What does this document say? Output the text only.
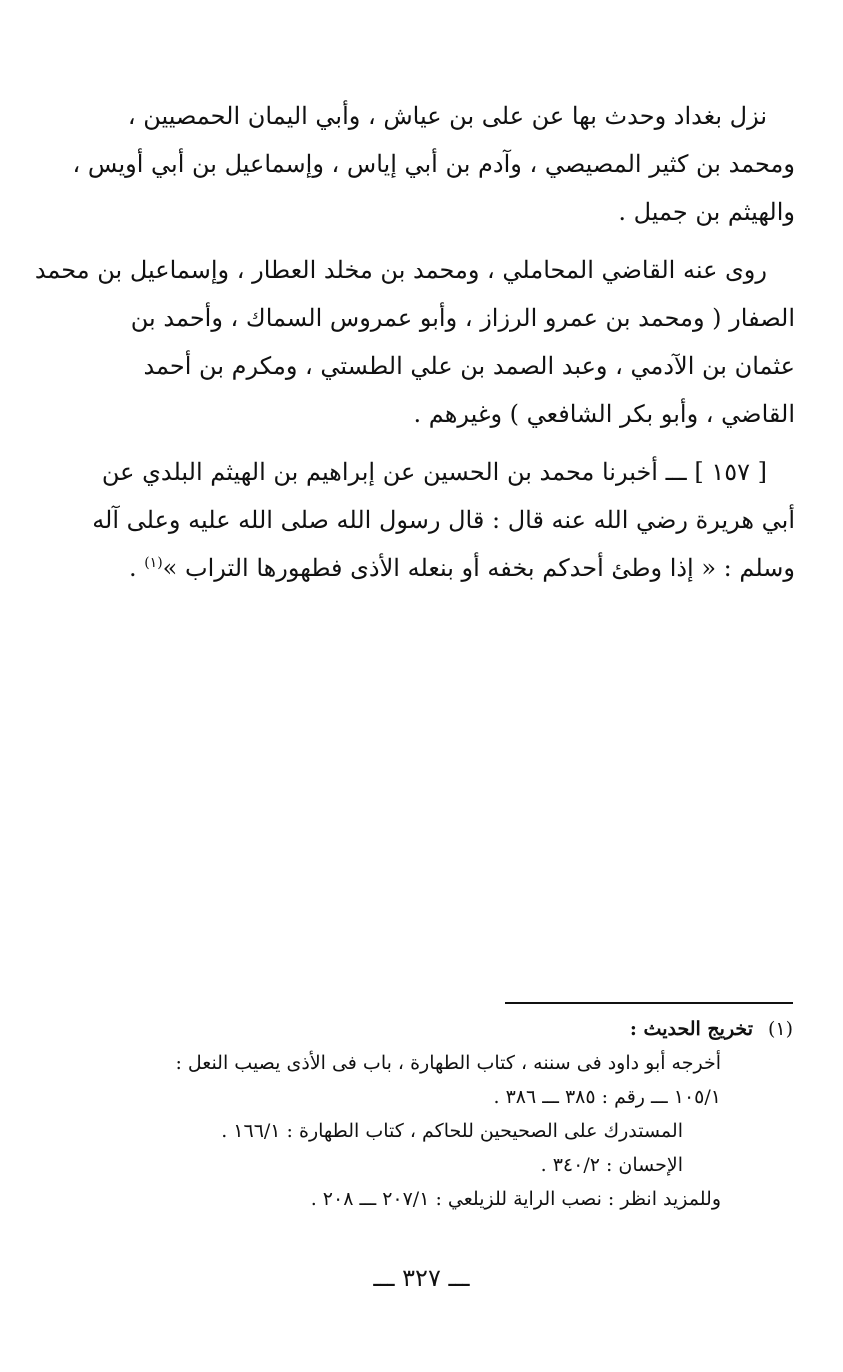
نزل بغداد وحدث بها عن على بن عياش ، وأبي اليمان الحمصيين ،
ومحمد بن كثير المصيصي ، وآدم بن أبي إياس ، وإسماعيل بن أبي أويس ،
والهيثم بن جميل .

روى عنه القاضي المحاملي ، ومحمد بن مخلد العطار ، وإسماعيل بن محمد
الصفار ( ومحمد بن عمرو الرزاز ، وأبو عمروس السماك ، وأحمد بن
عثمان بن الآدمي ، وعبد الصمد بن علي الطستي ، ومكرم بن أحمد
القاضي ، وأبو بكر الشافعي ) وغيرهم .

[ ١٥٧ ] ـــ أخبرنا محمد بن الحسين عن إبراهيم بن الهيثم البلدي عن
أبي هريرة رضي الله عنه قال : قال رسول الله صلى الله عليه وعلى آله
وسلم : « إذا وطئ أحدكم بخفه أو بنعله الأذى فطهورها التراب »$^{(١)}$ .

(١)تخريج الحديث :
أخرجه أبو داود فى سننه ، كتاب الطهارة ، باب فى الأذى يصيب النعل :
١٠٥/١ ـــ رقم : ٣٨٥ ـــ ٣٨٦ .
المستدرك على الصحيحين للحاكم ، كتاب الطهارة : ١٦٦/١ .
الإحسان : ٣٤٠/٢ .
وللمزيد انظر : نصب الراية للزيلعي : ٢٠٧/١ ـــ ٢٠٨ .
ـــ ٣٢٧ ـــ
